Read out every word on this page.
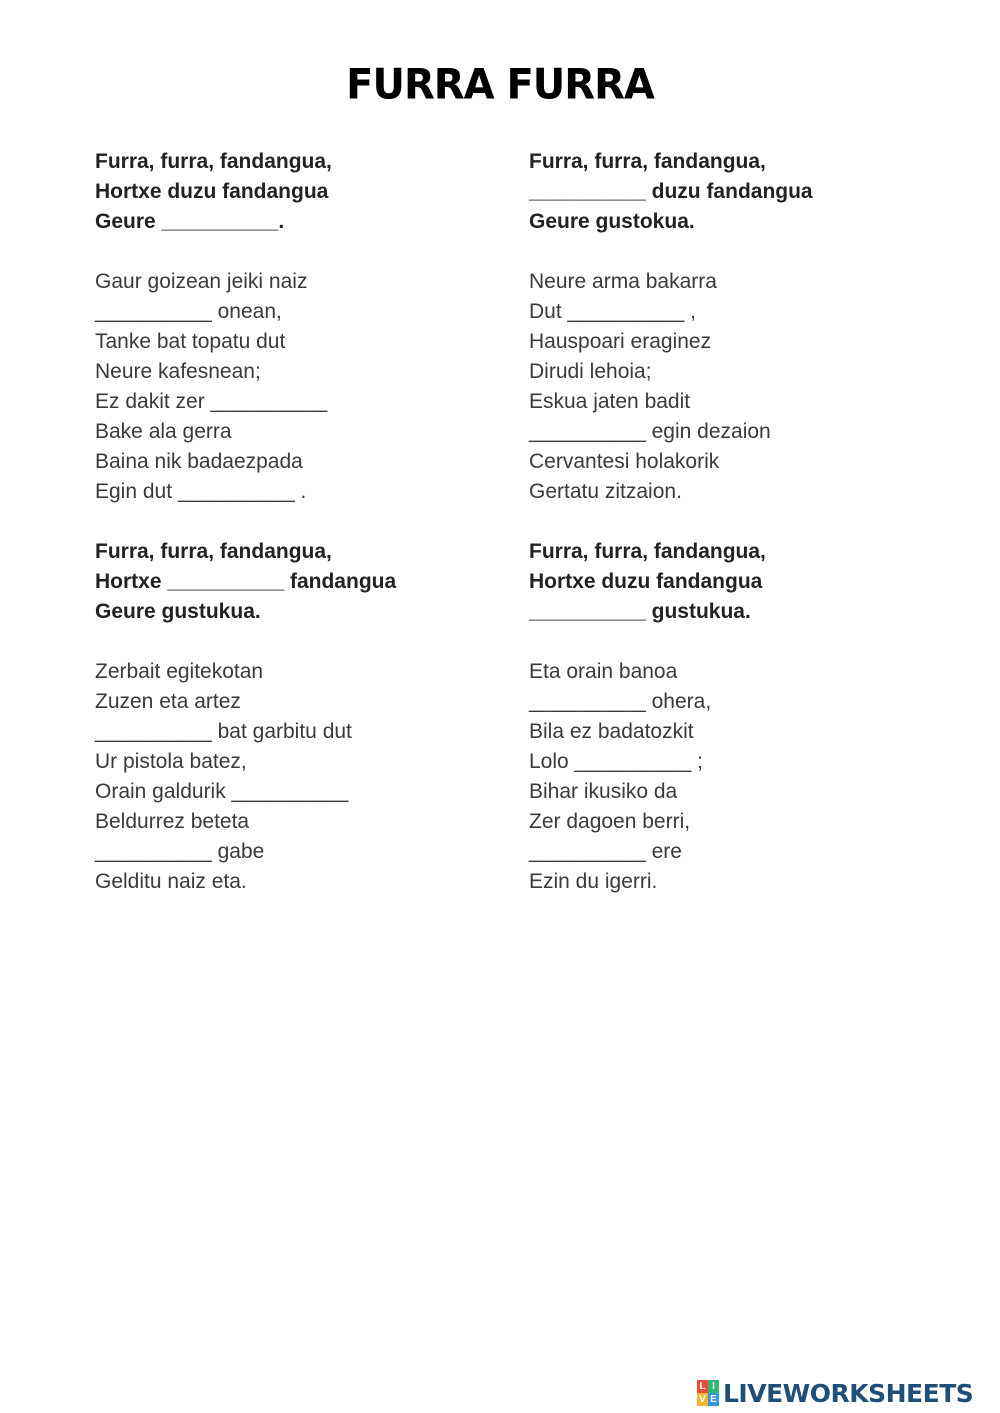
FURRA FURRA
Furra, furra, fandangua,
Hortxe duzu fandangua
Geure __________.
Gaur goizean jeiki naiz
__________ onean,
Tanke bat topatu dut
Neure kafesnean;
Ez dakit zer __________
Bake ala gerra
Baina nik badaezpada
Egin dut __________ .
Furra, furra, fandangua,
Hortxe __________ fandangua
Geure gustukua.
Zerbait egitekotan
Zuzen eta artez
__________ bat garbitu dut
Ur pistola batez,
Orain galdurik __________
Beldurrez beteta
__________ gabe
Gelditu naiz eta.
Furra, furra, fandangua,
__________ duzu fandangua
Geure gustokua.
Neure arma bakarra
Dut __________ ,
Hauspoari eraginez
Dirudi lehoia;
Eskua jaten badit
__________ egin dezaion
Cervantesi holakorik
Gertatu zitzaion.
Furra, furra, fandangua,
Hortxe duzu fandangua
__________ gustukua.
Eta orain banoa
__________ ohera,
Bila ez badatozkit
Lolo __________ ;
Bihar ikusiko da
Zer dagoen berri,
__________ ere
Ezin du igerri.
L I
V E LIVEWORKSHEETS
